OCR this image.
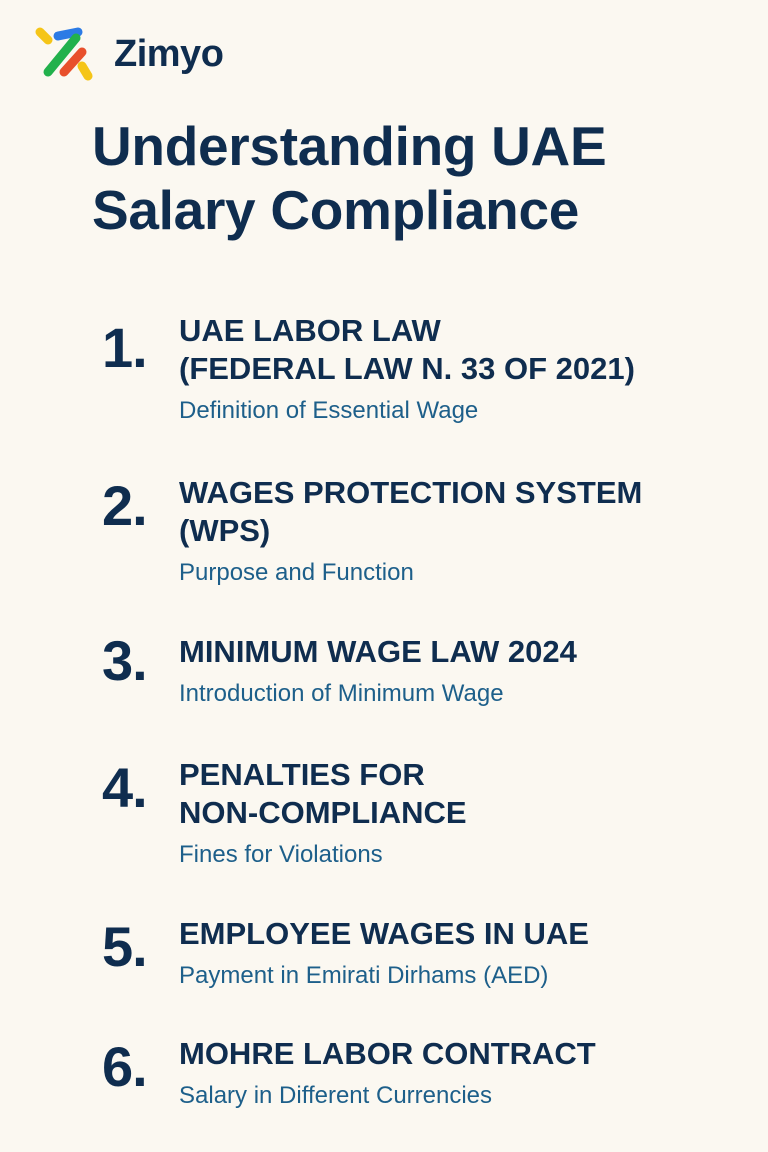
Zimyo
Understanding UAE
Salary Compliance
1. UAE LABOR LAW
(FEDERAL LAW N. 33 OF 2021)
Definition of Essential Wage
2. WAGES PROTECTION SYSTEM
(WPS)
Purpose and Function
3. MINIMUM WAGE LAW 2024
Introduction of Minimum Wage
4. PENALTIES FOR
NON-COMPLIANCE
Fines for Violations
5. EMPLOYEE WAGES IN UAE
Payment in Emirati Dirhams (AED)
6. MOHRE LABOR CONTRACT
Salary in Different Currencies
